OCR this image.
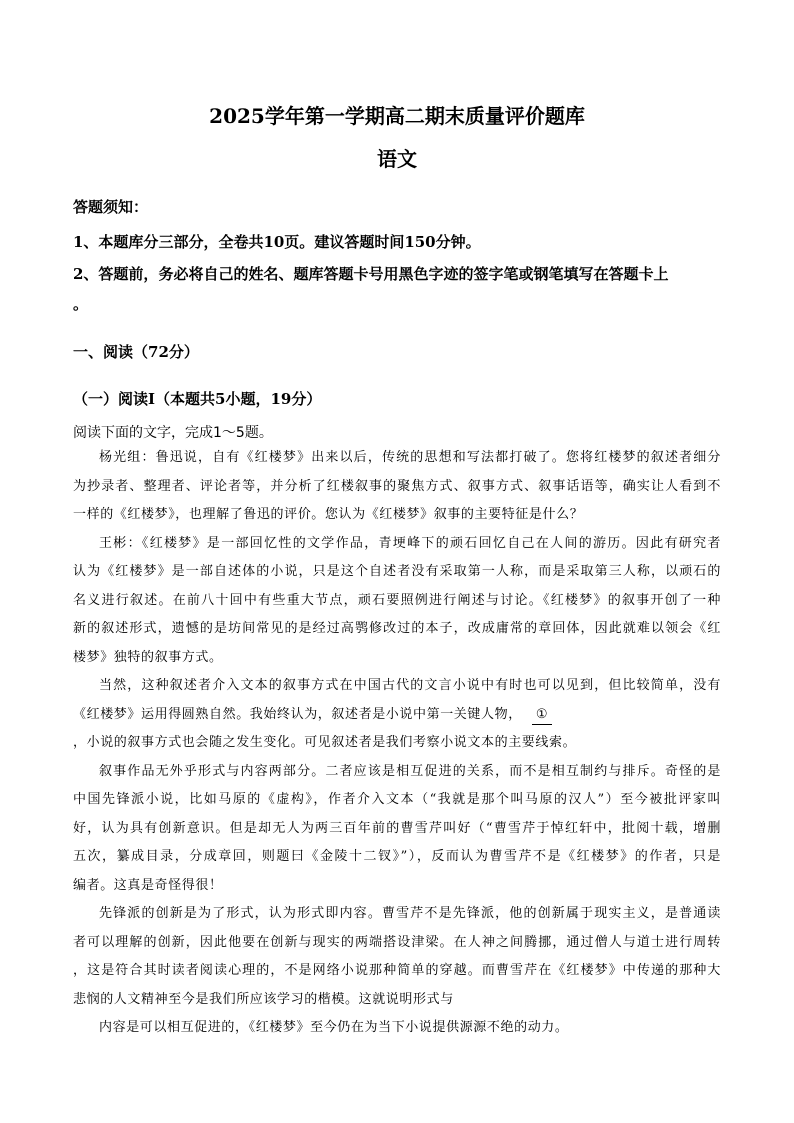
2025学年第一学期高二期末质量评价题库
语文
答题须知：
1、本题库分三部分，全卷共10页。建议答题时间150分钟。
2、答题前，务必将自己的姓名、题库答题卡号用黑色字迹的签字笔或钢笔填写在答题卡上
。
一、阅读（72分）
（一）阅读I（本题共5小题，19分）
阅读下面的文字，完成1～5题。

杨光组：鲁迅说，自有《红楼梦》出来以后，传统的思想和写法都打破了。您将红楼梦的叙述者细分

为抄录者、整理者、评论者等，并分析了红楼叙事的聚焦方式、叙事方式、叙事话语等，确实让人看到不

一样的《红楼梦》，也理解了鲁迅的评价。您认为《红楼梦》叙事的主要特征是什么？

王彬：《红楼梦》是一部回忆性的文学作品，青埂峰下的顽石回忆自己在人间的游历。因此有研究者

认为《红楼梦》是一部自述体的小说，只是这个自述者没有采取第一人称，而是采取第三人称，以顽石的

名义进行叙述。在前八十回中有些重大节点，顽石要照例进行阐述与讨论。《红楼梦》的叙事开创了一种

新的叙述形式，遗憾的是坊间常见的是经过高鹗修改过的本子，改成庸常的章回体，因此就难以领会《红

楼梦》独特的叙事方式。

当然，这种叙述者介入文本的叙事方式在中国古代的文言小说中有时也可以见到，但比较简单，没有

《红楼梦》运用得圆熟自然。我始终认为，叙述者是小说中第一关键人物， ①

，小说的叙事方式也会随之发生变化。可见叙述者是我们考察小说文本的主要线索。

叙事作品无外乎形式与内容两部分。二者应该是相互促进的关系，而不是相互制约与排斥。奇怪的是

中国先锋派小说，比如马原的《虚构》，作者介入文本（“我就是那个叫马原的汉人”）至今被批评家叫

好，认为具有创新意识。但是却无人为两三百年前的曹雪芹叫好（“曹雪芹于悼红轩中，批阅十载，增删

五次，纂成目录，分成章回，则题曰《金陵十二钗》”），反而认为曹雪芹不是《红楼梦》的作者，只是

编者。这真是奇怪得很！

先锋派的创新是为了形式，认为形式即内容。曹雪芹不是先锋派，他的创新属于现实主义，是普通读

者可以理解的创新，因此他要在创新与现实的两端搭设津梁。在人神之间腾挪，通过僧人与道士进行周转

，这是符合其时读者阅读心理的，不是网络小说那种简单的穿越。而曹雪芹在《红楼梦》中传递的那种大

悲悯的人文精神至今是我们所应该学习的楷模。这就说明形式与

内容是可以相互促进的，《红楼梦》至今仍在为当下小说提供源源不绝的动力。
